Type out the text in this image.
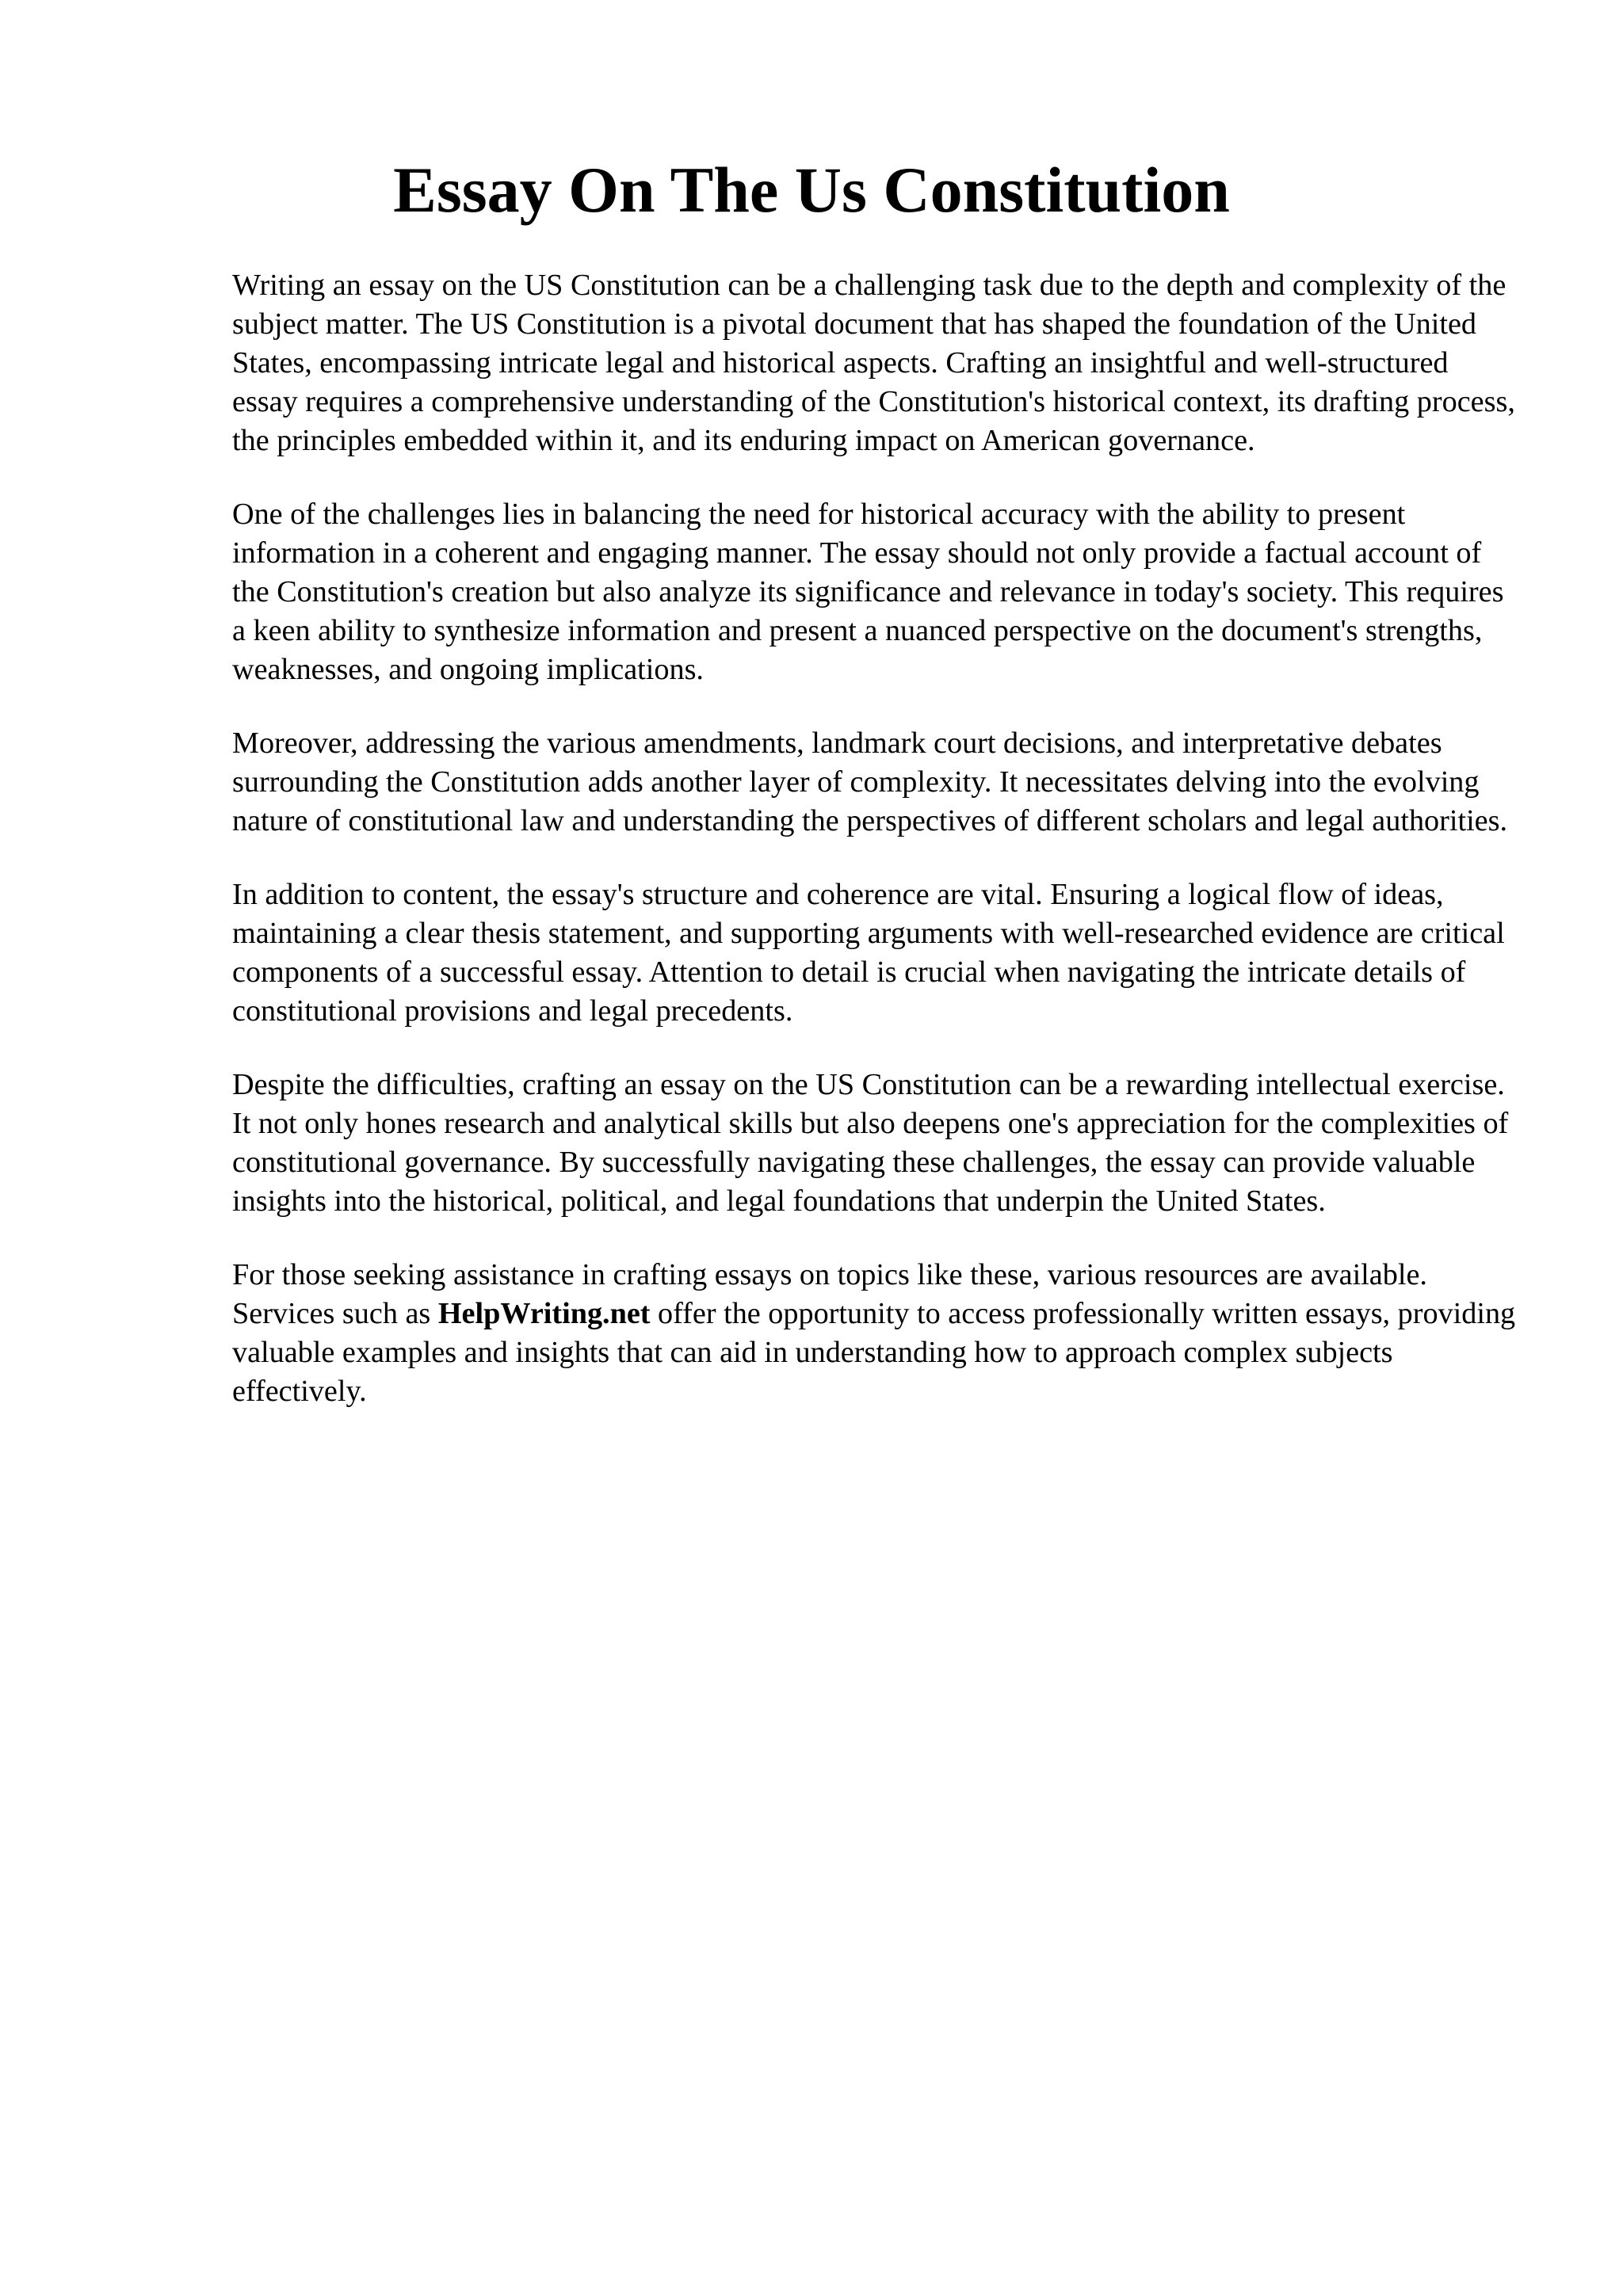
Essay On The Us Constitution

Writing an essay on the US Constitution can be a challenging task due to the depth and complexity of the subject matter. The US Constitution is a pivotal document that has shaped the foundation of the United States, encompassing intricate legal and historical aspects. Crafting an insightful and well-structured essay requires a comprehensive understanding of the Constitution's historical context, its drafting process, the principles embedded within it, and its enduring impact on American governance.

One of the challenges lies in balancing the need for historical accuracy with the ability to present information in a coherent and engaging manner. The essay should not only provide a factual account of the Constitution's creation but also analyze its significance and relevance in today's society. This requires a keen ability to synthesize information and present a nuanced perspective on the document's strengths, weaknesses, and ongoing implications.

Moreover, addressing the various amendments, landmark court decisions, and interpretative debates surrounding the Constitution adds another layer of complexity. It necessitates delving into the evolving nature of constitutional law and understanding the perspectives of different scholars and legal authorities.

In addition to content, the essay's structure and coherence are vital. Ensuring a logical flow of ideas, maintaining a clear thesis statement, and supporting arguments with well-researched evidence are critical components of a successful essay. Attention to detail is crucial when navigating the intricate details of constitutional provisions and legal precedents.

Despite the difficulties, crafting an essay on the US Constitution can be a rewarding intellectual exercise. It not only hones research and analytical skills but also deepens one's appreciation for the complexities of constitutional governance. By successfully navigating these challenges, the essay can provide valuable insights into the historical, political, and legal foundations that underpin the United States.

For those seeking assistance in crafting essays on topics like these, various resources are available. Services such as HelpWriting.net offer the opportunity to access professionally written essays, providing valuable examples and insights that can aid in understanding how to approach complex subjects effectively.
